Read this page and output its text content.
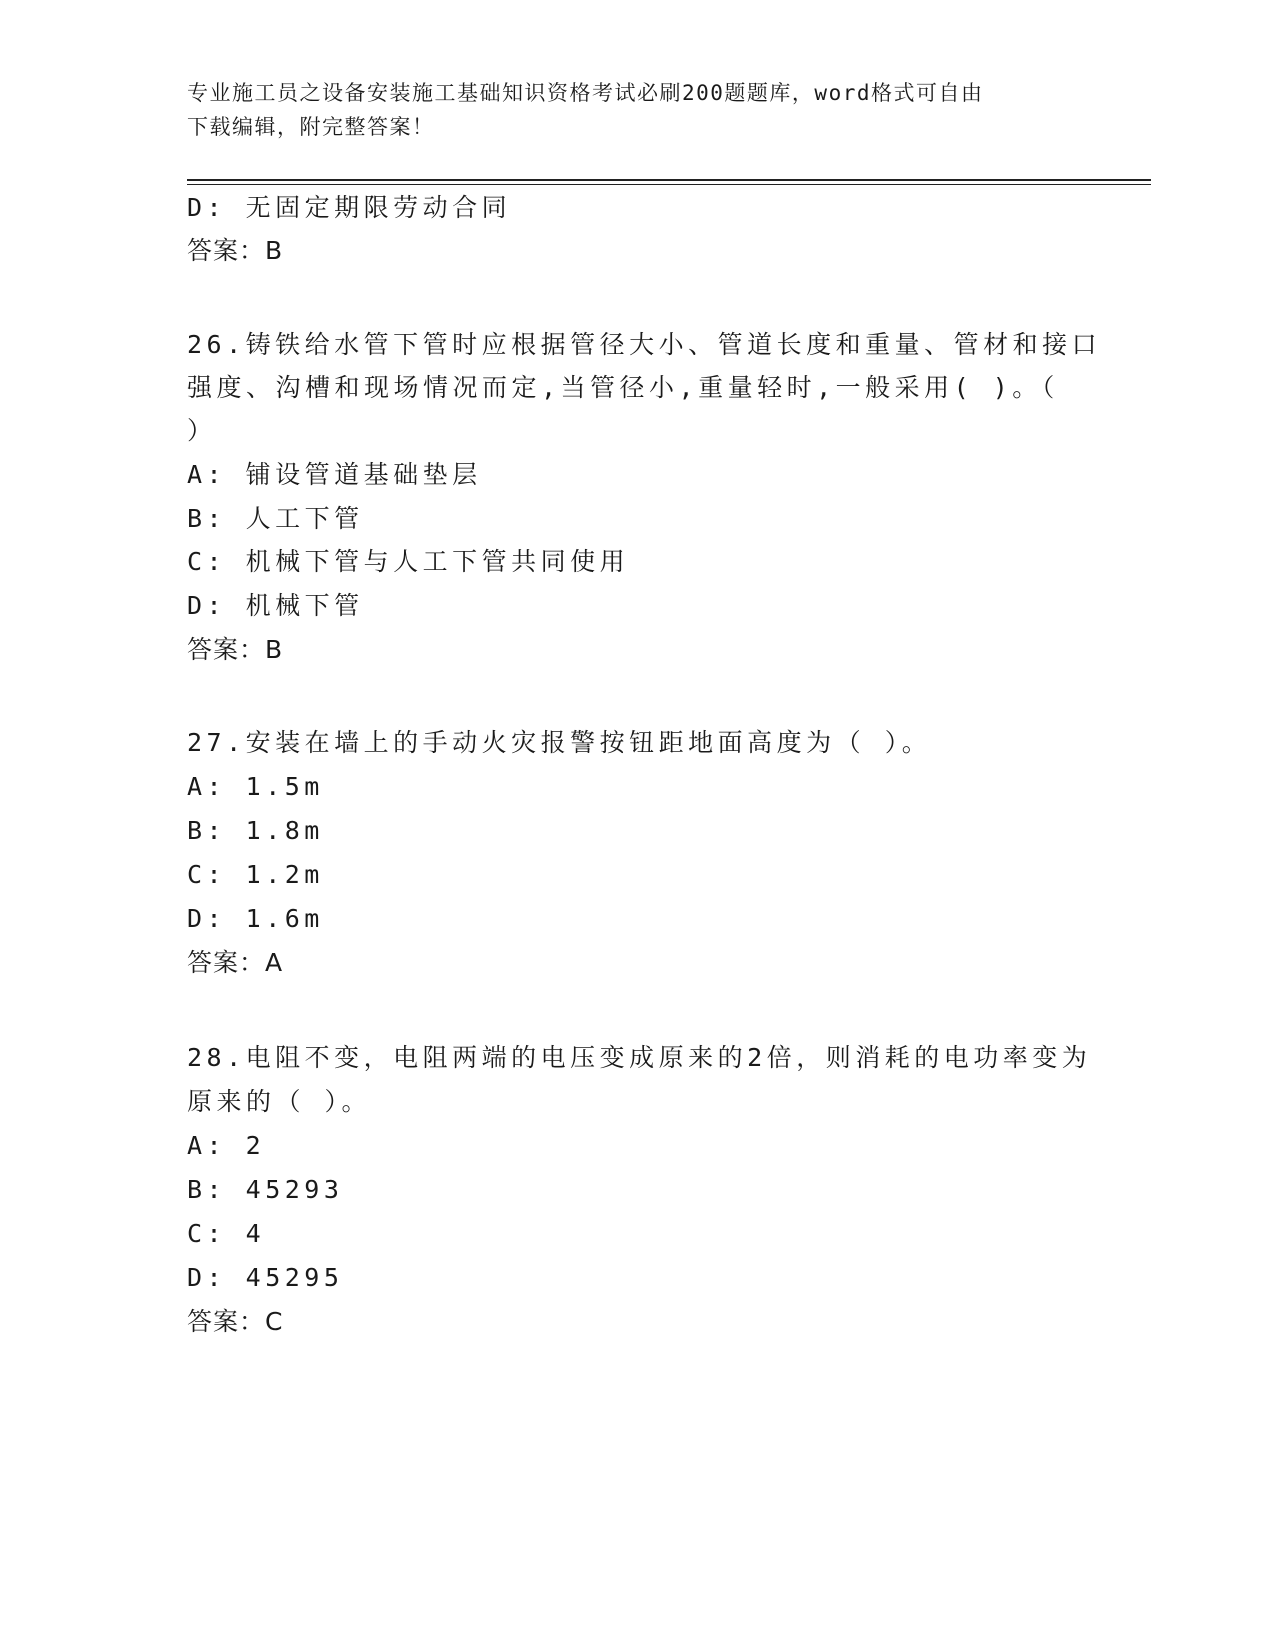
专业施工员之设备安装施工基础知识资格考试必刷200题题库，word格式可自由
下载编辑，附完整答案！
D: 无固定期限劳动合同
答案：B
26.铸铁给水管下管时应根据管径大小、管道长度和重量、管材和接口
强度、沟槽和现场情况而定,当管径小,重量轻时,一般采用( )。（
）
A: 铺设管道基础垫层
B: 人工下管
C: 机械下管与人工下管共同使用
D: 机械下管
答案：B
27.安装在墙上的手动火灾报警按钮距地面高度为（ ）。
A: 1.5m
B: 1.8m
C: 1.2m
D: 1.6m
答案：A
28.电阻不变，电阻两端的电压变成原来的2倍，则消耗的电功率变为
原来的（ ）。
A: 2
B: 45293
C: 4
D: 45295
答案：C
